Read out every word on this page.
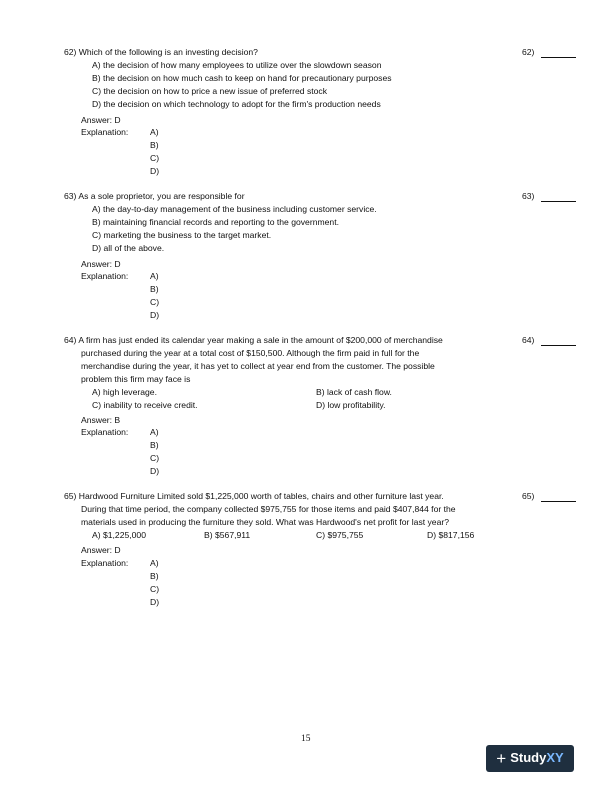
62) Which of the following is an investing decision?	62)
A) the decision of how many employees to utilize over the slowdown season
B) the decision on how much cash to keep on hand for precautionary purposes
C) the decision on how to price a new issue of preferred stock
D) the decision on which technology to adopt for the firm's production needs
Answer: D
Explanation:	A)
B)
C)
D)
63) As a sole proprietor, you are responsible for	63)
A) the day-to-day management of the business including customer service.
B) maintaining financial records and reporting to the government.
C) marketing the business to the target market.
D) all of the above.
Answer: D
Explanation:	A)
B)
C)
D)
64) A firm has just ended its calendar year making a sale in the amount of $200,000 of merchandise
purchased during the year at a total cost of $150,500. Although the firm paid in full for the
merchandise during the year, it has yet to collect at year end from the customer. The possible
problem this firm may face is
64)
A) high leverage.	B) lack of cash flow.
C) inability to receive credit.	D) low profitability.
Answer: B
Explanation:	A)
B)
C)
D)
65) Hardwood Furniture Limited sold $1,225,000 worth of tables, chairs and other furniture last year.
During that time period, the company collected $975,755 for those items and paid $407,844 for the
materials used in producing the furniture they sold. What was Hardwood's net profit for last year?
65)
A) $1,225,000	B) $567,911	C) $975,755	D) $817,156
Answer: D
Explanation:	A)
B)
C)
D)
15
+ Study XY
